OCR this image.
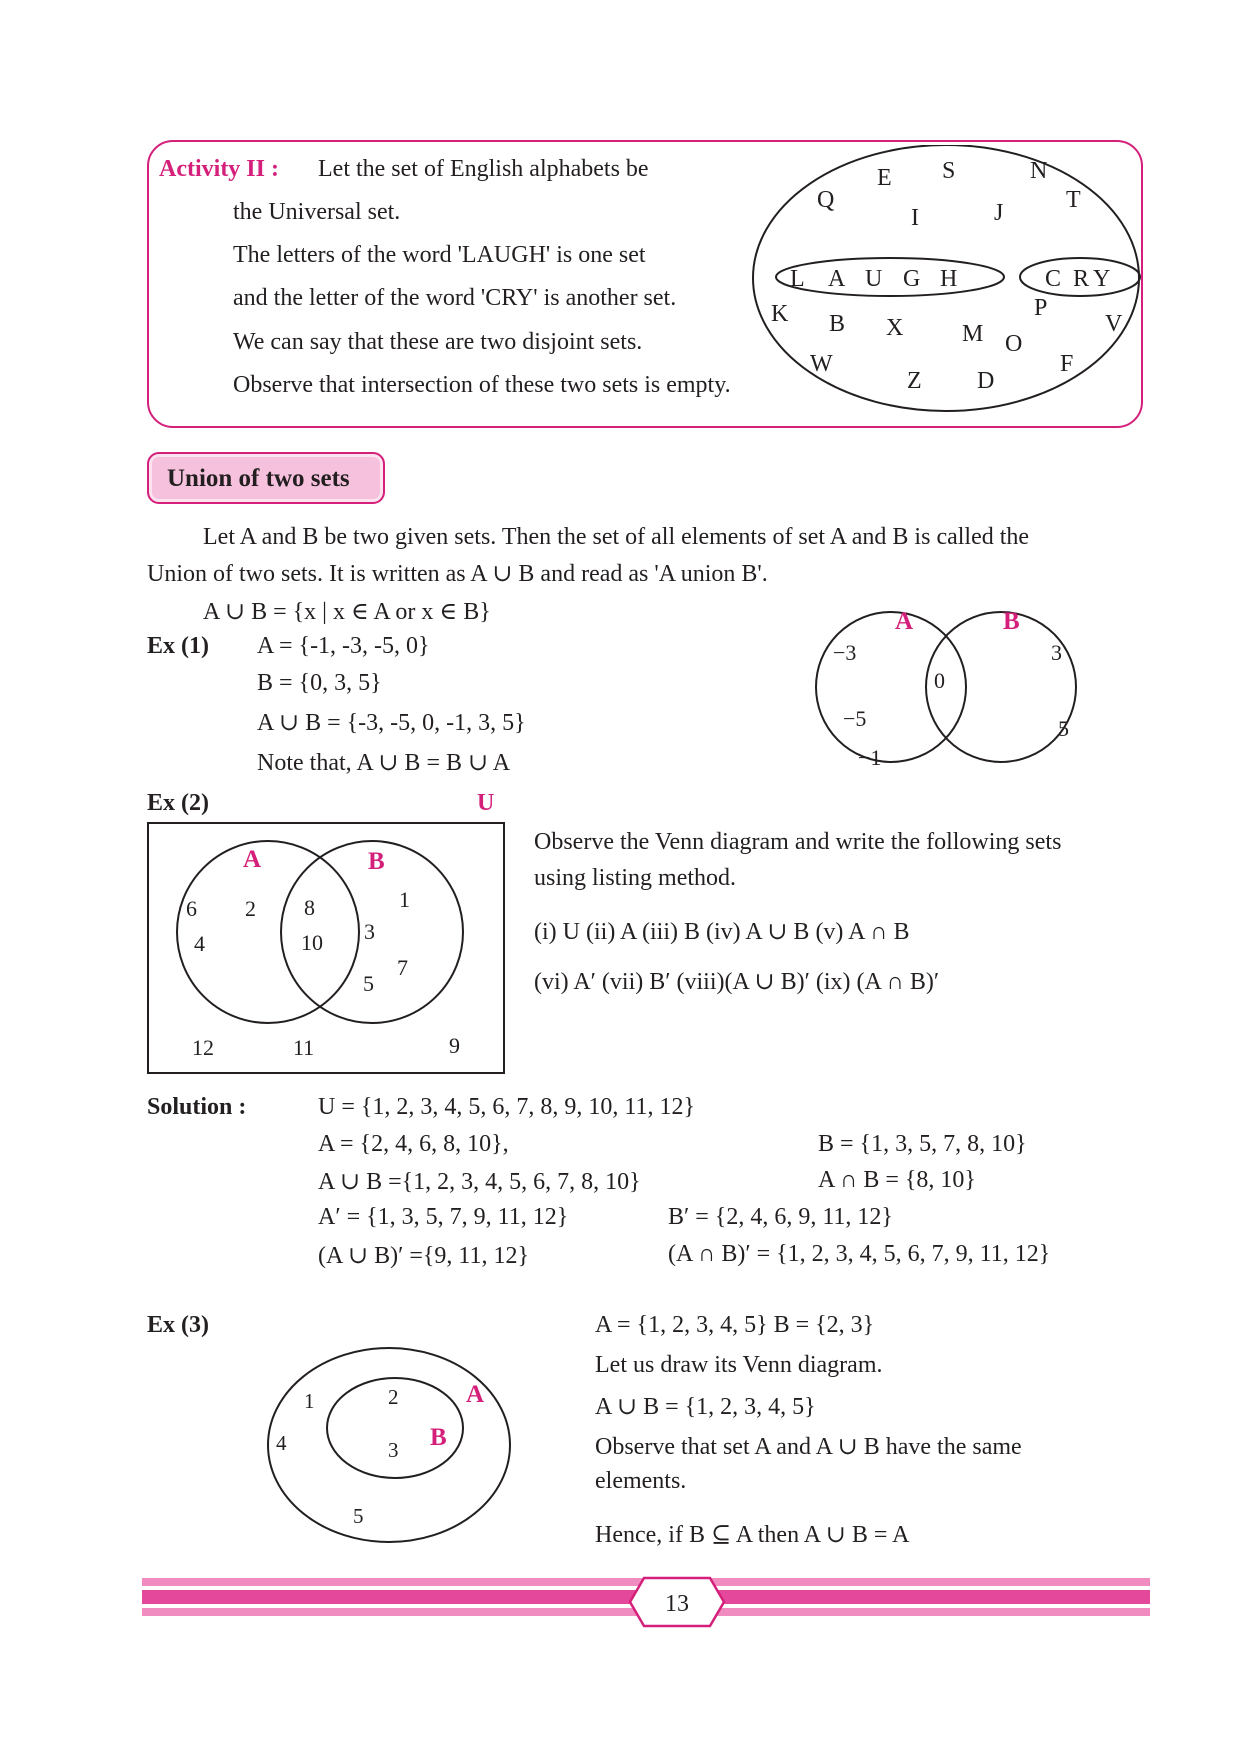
Activity II : Let the set of English alphabets be
the Universal set.
The letters of the word 'LAUGH' is one set
and the letter of the word 'CRY' is another set.
We can say that these are two disjoint sets.
Observe that intersection of these two sets is empty.
L A U G H	C R Y
E S	N
Q	T
I	J
K	P
B X M	V
O
W	F
Z D
Union of two sets
Let A and B be two given sets. Then the set of all elements of set A and B is called the
Union of two sets. It is written as A ∪ B and read as 'A union B'.
A ∪ B = {x | x ∈ A or x ∈ B}
Ex (1) A = {-1, -3, -5, 0}
B = {0, 3, 5}
A ∪ B = {-3, -5, 0, -1, 3, 5}
Note that, A ∪ B = B ∪ A
A	B
−3
−5
−1
0
3
5
Ex (2)	U
A	B
6 2
4
8
10
1
3
7
5
12	11	9
Observe the Venn diagram and write the following sets
using listing method.
(i) U (ii) A (iii) B (iv) A ∪ B (v) A ∩ B
(vi) A′ (vii) B′ (viii)(A ∪ B)′ (ix) (A ∩ B)′
Solution :	U = {1, 2, 3, 4, 5, 6, 7, 8, 9, 10, 11, 12}
A = {2, 4, 6, 8, 10},	B = {1, 3, 5, 7, 8, 10}
A ∪ B ={1, 2, 3, 4, 5, 6, 7, 8, 10}	A ∩ B = {8, 10}
A′ = {1, 3, 5, 7, 9, 11, 12}	B′ = {2, 4, 6, 9, 11, 12}
(A ∪ B)′ ={9, 11, 12}	(A ∩ B)′ = {1, 2, 3, 4, 5, 6, 7, 9, 11, 12}
Ex (3)
A
B
2
3
1
4
5
A = {1, 2, 3, 4, 5} B = {2, 3}
Let us draw its Venn diagram.
A ∪ B = {1, 2, 3, 4, 5}
Observe that set A and A ∪ B have the same
elements.
Hence, if B ⊆ A then A ∪ B = A
13
